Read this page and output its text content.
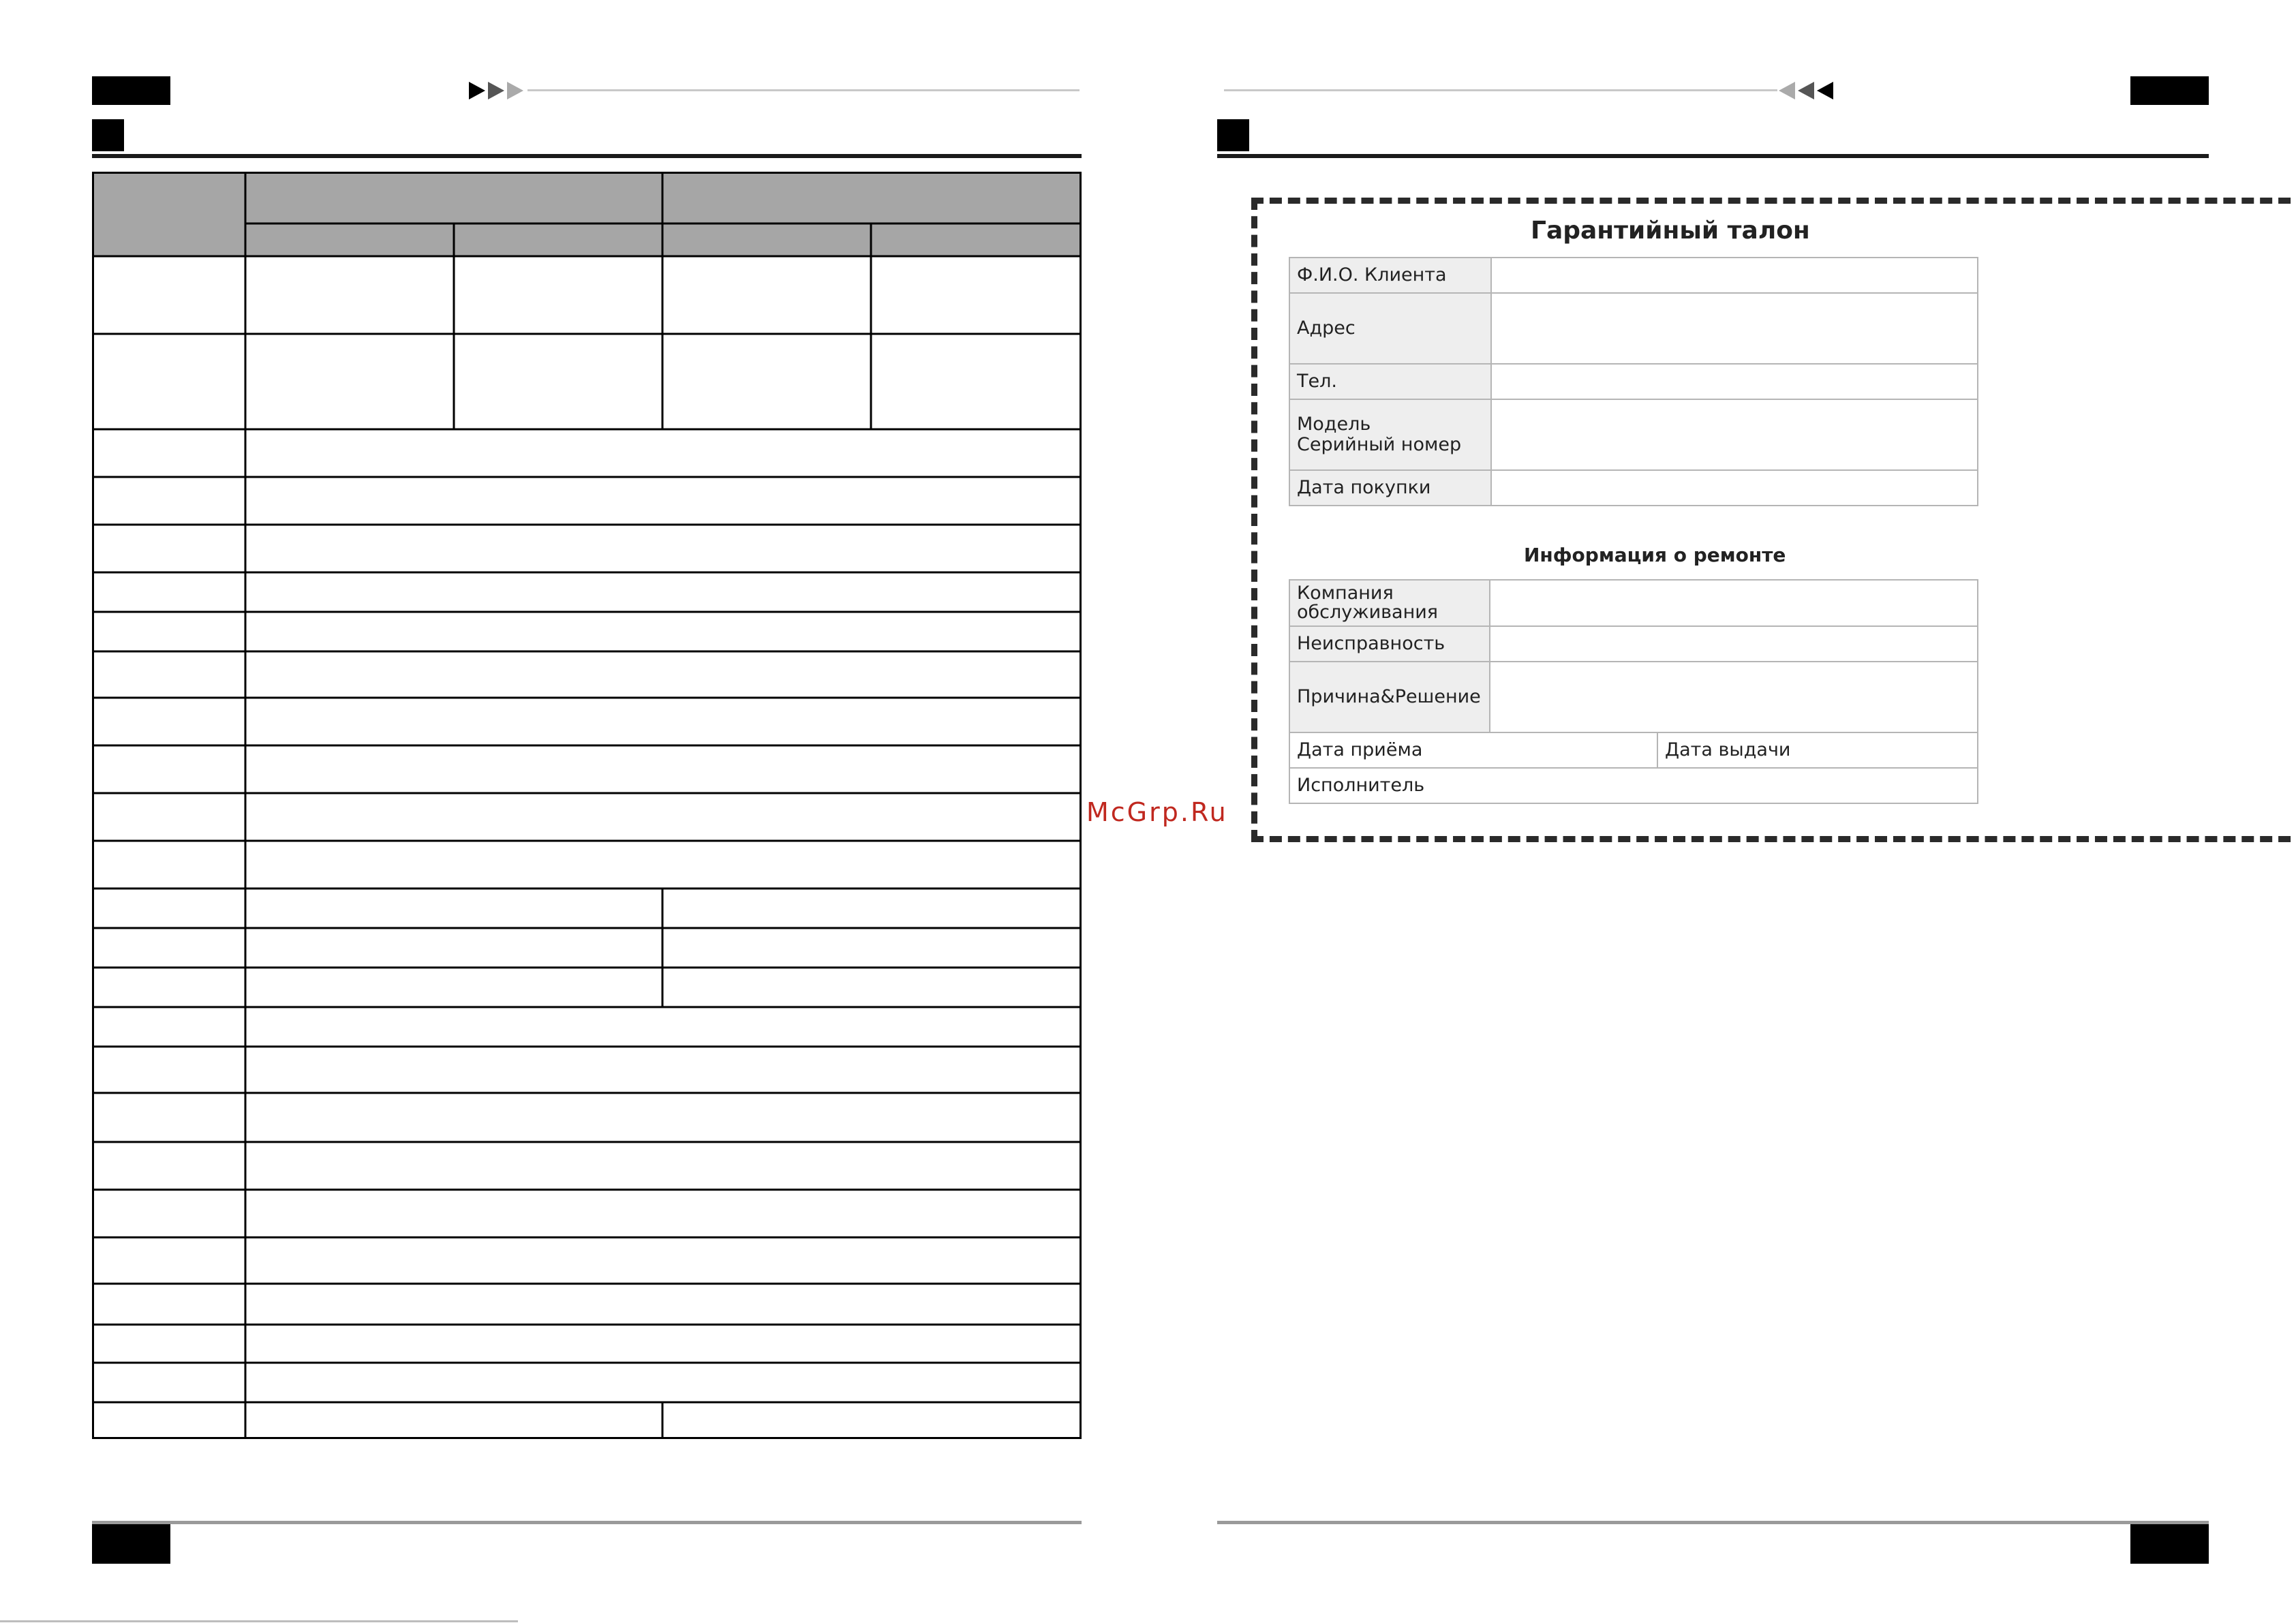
McGrp.Ru
Гарантийный талон
Ф.И.О. Клиента	
Адрес	
Тел.	

Модель
Серийный номер	

Дата покупки	
Информация о ремонте
Компания
обслуживания		

Неисправность		
Причина&Решение		
Дата приёма		Дата выдачи
Исполнитель		
